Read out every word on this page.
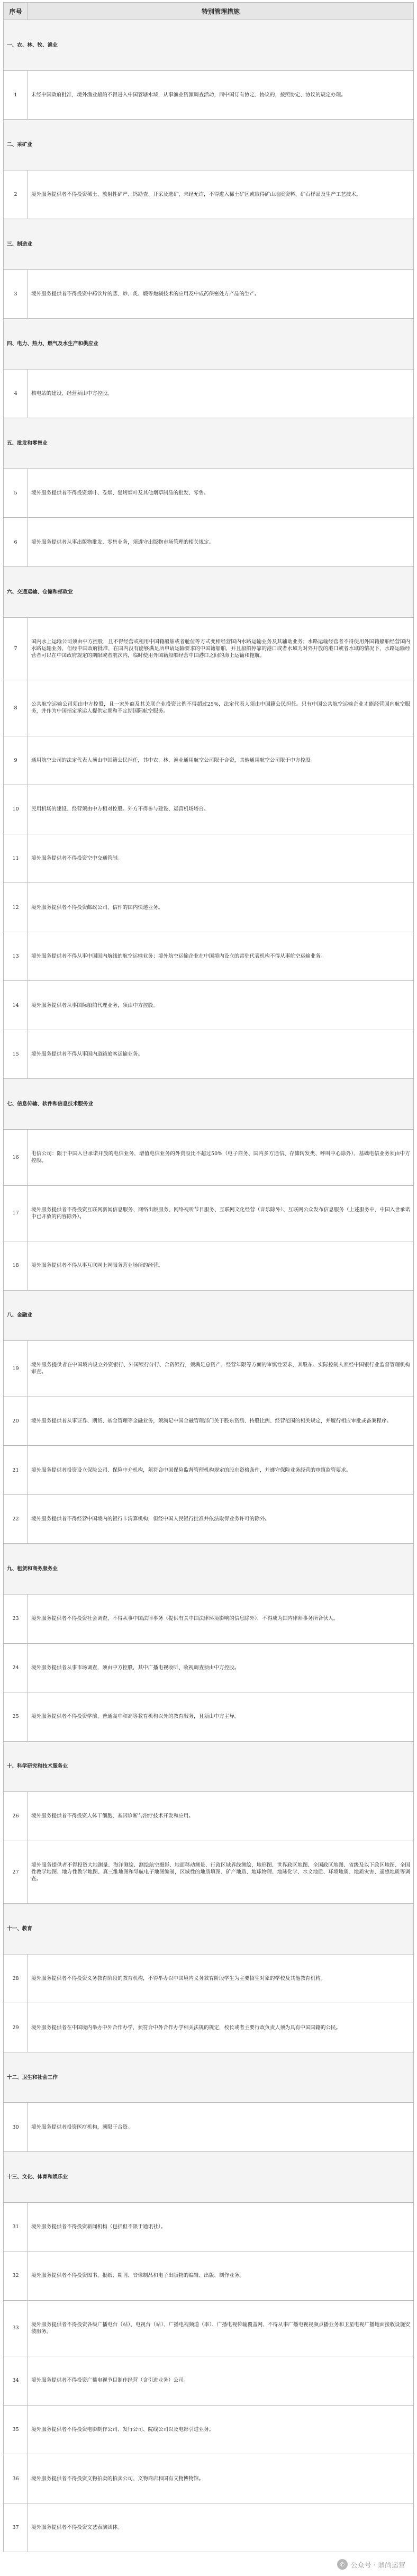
序号	特别管理措施
一、农、林、牧、渔业	
1	未经中国政府批准，境外渔业船舶不得进入中国管辖水域，从事渔业资源调查活动，同中国订有协定、协议的，按照协定、协议的规定办理。
二、采矿业	
2	境外服务提供者不得投资稀土、放射性矿产、钨勘查、开采及选矿，未经允许，不得进入稀土矿区或取得矿山地质资料、矿石样品及生产工艺技术。
三、制造业	
3	境外服务提供者不得投资中药饮片的蒸、炒、炙、煅等炮制技术的应用及中成药保密处方产品的生产。
四、电力、热力、燃气及水生产和供应业	
4	核电站的建设、经营须由中方控股。
五、批发和零售业	
5	境外服务提供者不得投资烟叶、卷烟、复烤烟叶及其他烟草制品的批发、零售。
6	境外服务提供者从事出版物批发、零售业务，须遵守出版物市场管理的相关规定。
六、交通运输、仓储和邮政业	
7	国内水上运输公司须由中方控股，且不得经营或租用中国籍船舶或者舱位等方式变相经营国内水路运输业务及其辅助业务；水路运输经营者不得使用外国籍船舶经营国内水路运输业务，但经中国政府批准，在国内没有能够满足所申请运输要求的中国籍船舶，并且船舶停靠的港口或者水域为对外开放的港口或者水域的情况下，水路运输经营者可以在中国政府规定的期限或者航次内，临时使用外国籍船舶经营中国港口之间的海上运输和拖航。
8	公共航空运输公司须由中方控股，且一家外商及其关联企业投资比例不得超过25%，法定代表人须由中国籍公民担任。只有中国公共航空运输企业才能经营国内航空服务，并作为中国指定承运人提供定期和不定期国际航空服务。
9	通用航空公司的法定代表人须由中国籍公民担任，其中农、林、渔业通用航空公司限于合资，其他通用航空公司限于中方控股。
10	民用机场的建设、经营须由中方相对控股。外方不得参与建设、运营机场塔台。
11	境外服务提供者不得投资空中交通管制。
12	境外服务提供者不得投资邮政公司、信件的国内快递业务。
13	境外服务提供者不得从事中国国内航线的航空运输业务；境外航空运输企业在中国境内设立的常驻代表机构不得从事航空运输业务。
14	境外服务提供者从事国际船舶代理业务，须由中方控股。
15	境外服务提供者不得从事国内道路旅客运输业务。
七、信息传输、软件和信息技术服务业	
16	电信公司：限于中国入世承诺开放的电信业务，增值电信业务的外资股比不超过50%（电子商务、国内多方通信、存储转发类、呼叫中心除外），基础电信业务须由中方控股。
17	境外服务提供者不得投资互联网新闻信息服务、网络出版服务、网络视听节目服务、互联网文化经营（音乐除外）、互联网公众发布信息服务（上述服务中，中国入世承诺中已开放的内容除外）。
18	境外服务提供者不得从事互联网上网服务营业场所的经营。
八、金融业	
19	境外服务提供者在中国境内设立外资银行、外国银行分行、合资银行，须满足总资产、经营年限等方面的审慎性要求，其股东、实际控制人须经中国银行业监督管理机构审查。
20	境外服务提供者从事证券、期货、基金管理等金融业务，须满足中国金融管理部门关于股东资质、持股比例、经营范围的相关规定，并履行相应审批或备案程序。
21	境外服务提供者投资设立保险公司、保险中介机构，须符合中国保险监督管理机构规定的股东资格条件，并遵守保险业务经营的审慎监管要求。
22	境外服务提供者不得经营中国境内的银行卡清算机构，但经中国人民银行批准并依法取得业务许可的除外。
九、租赁和商务服务业	
23	境外服务提供者不得投资社会调查，不得从事中国法律事务（提供有关中国法律环境影响的信息除外），不得成为国内律师事务所合伙人。
24	境外服务提供者从事市场调查，须由中方控股，其中广播电视收听、收视调查须由中方控股。
25	境外服务提供者不得投资学前、普通高中和高等教育机构以外的教育服务，且须由中方主导。
十、科学研究和技术服务业	
26	境外服务提供者不得投资人体干细胞、基因诊断与治疗技术开发和应用。
27	境外服务提供者不得投资大地测量、海洋测绘、测绘航空摄影、地面移动测量、行政区域界线测绘，地形图、世界政区地图、全国政区地图、省级及以下政区地图、全国性教学地图、地方性教学地图、真三维地图和导航电子地图编制，区域性的地质填图、矿产地质、地球物理、地球化学、水文地质、环境地质、地质灾害、遥感地质等调查。
十一、教育	
28	境外服务提供者不得投资义务教育阶段的教育机构，不得举办以中国境内义务教育阶段学生为主要招生对象的学校及其他教育机构。
29	境外服务提供者在中国境内举办中外合作办学，须符合中外合作办学相关法规的规定，校长或者主要行政负责人须为具有中国国籍的公民。
十二、卫生和社会工作	
30	境外服务提供者投资医疗机构，须限于合资。
十三、文化、体育和娱乐业	
31	境外服务提供者不得投资新闻机构（包括但不限于通讯社）。
32	境外服务提供者不得投资图书、报纸、期刊、音像制品和电子出版物的编辑、出版、制作业务。
33	境外服务提供者不得投资各级广播电台（站）、电视台（站）、广播电视频道（率）、广播电视传输覆盖网，不得从事广播电视视频点播业务和卫星电视广播地面接收设施安装服务。
34	境外服务提供者不得投资广播电视节目制作经营（含引进业务）公司。
35	境外服务提供者不得投资电影制作公司、发行公司、院线公司以及电影引进业务。
36	境外服务提供者不得投资文物拍卖的拍卖公司、文物商店和国有文物博物馆。
37	境外服务提供者不得投资文艺表演团体。
✆ 公众号 · 鼎尚运营
